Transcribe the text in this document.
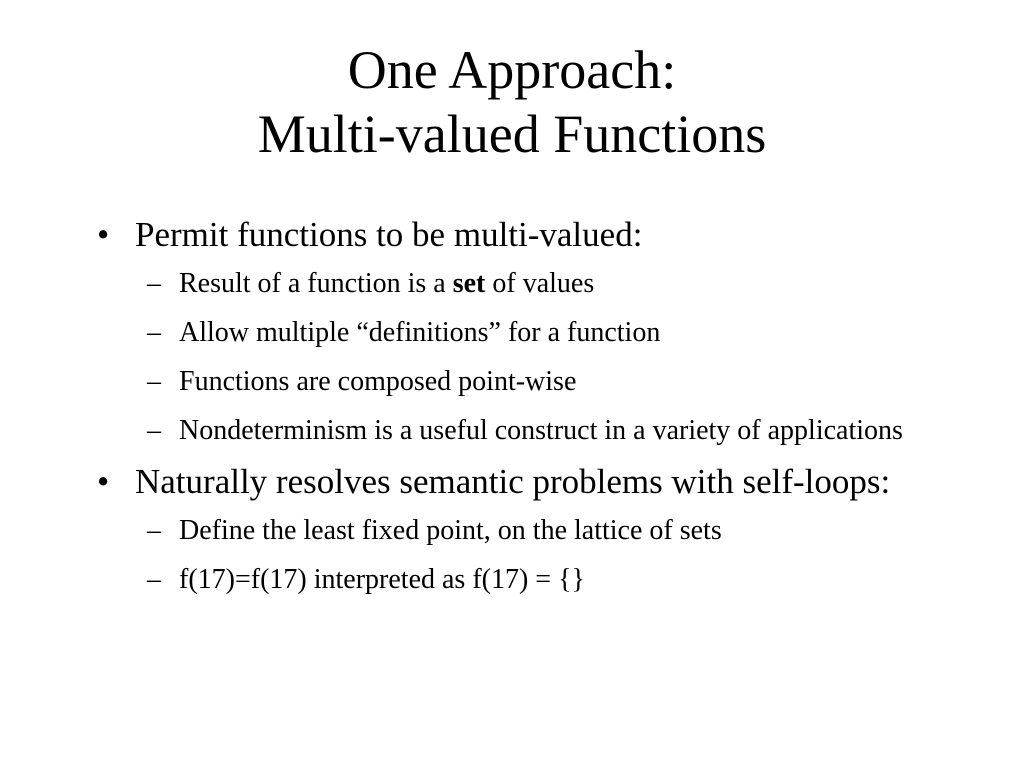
One Approach:
Multi-valued Functions
• Permit functions to be multi-valued:
– Result of a function is a set of values
– Allow multiple “definitions” for a function
– Functions are composed point-wise
– Nondeterminism is a useful construct in a variety of applications
• Naturally resolves semantic problems with self-loops:
– Define the least fixed point, on the lattice of sets
– f(17)=f(17) interpreted as f(17) = {}
